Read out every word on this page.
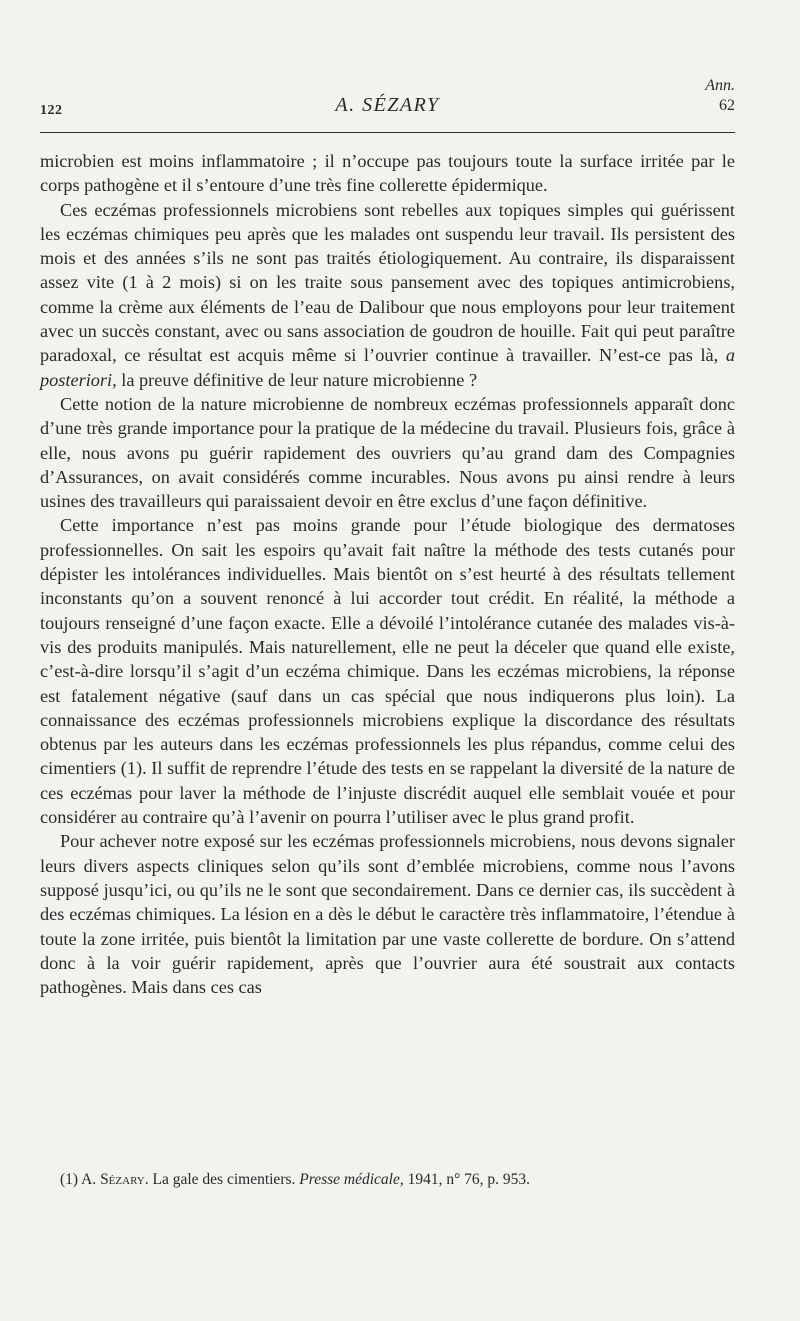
122	A. SÉZARY
Ann.
62

microbien est moins inflammatoire ; il n’occupe pas toujours toute la surface irritée par le corps pathogène et il s’entoure d’une très fine collerette épidermique.

Ces eczémas professionnels microbiens sont rebelles aux topiques simples qui guérissent les eczémas chimiques peu après que les malades ont suspendu leur travail. Ils persistent des mois et des années s’ils ne sont pas traités étiologiquement. Au contraire, ils disparaissent assez vite (1 à 2 mois) si on les traite sous pansement avec des topiques antimicrobiens, comme la crème aux éléments de l’eau de Dalibour que nous employons pour leur traitement avec un succès constant, avec ou sans association de goudron de houille. Fait qui peut paraître paradoxal, ce résultat est acquis même si l’ouvrier continue à travailler. N’est-ce pas là, a posteriori, la preuve définitive de leur nature microbienne ?

Cette notion de la nature microbienne de nombreux eczémas professionnels apparaît donc d’une très grande importance pour la pratique de la médecine du travail. Plusieurs fois, grâce à elle, nous avons pu guérir rapidement des ouvriers qu’au grand dam des Compagnies d’Assurances, on avait considérés comme incurables. Nous avons pu ainsi rendre à leurs usines des travailleurs qui paraissaient devoir en être exclus d’une façon définitive.

Cette importance n’est pas moins grande pour l’étude biologique des dermatoses professionnelles. On sait les espoirs qu’avait fait naître la méthode des tests cutanés pour dépister les intolérances individuelles. Mais bientôt on s’est heurté à des résultats tellement inconstants qu’on a souvent renoncé à lui accorder tout crédit. En réalité, la méthode a toujours renseigné d’une façon exacte. Elle a dévoilé l’intolérance cutanée des malades vis-à-vis des produits manipulés. Mais naturellement, elle ne peut la déceler que quand elle existe, c’est-à-dire lorsqu’il s’agit d’un eczéma chimique. Dans les eczémas microbiens, la réponse est fatalement négative (sauf dans un cas spécial que nous indiquerons plus loin). La connaissance des eczémas professionnels microbiens explique la discordance des résultats obtenus par les auteurs dans les eczémas professionnels les plus répandus, comme celui des cimentiers (1). Il suffit de reprendre l’étude des tests en se rappelant la diversité de la nature de ces eczémas pour laver la méthode de l’injuste discrédit auquel elle semblait vouée et pour considérer au contraire qu’à l’avenir on pourra l’utiliser avec le plus grand profit.

Pour achever notre exposé sur les eczémas professionnels microbiens, nous devons signaler leurs divers aspects cliniques selon qu’ils sont d’emblée microbiens, comme nous l’avons supposé jusqu’ici, ou qu’ils ne le sont que secondairement. Dans ce dernier cas, ils succèdent à des eczémas chimiques. La lésion en a dès le début le caractère très inflammatoire, l’étendue à toute la zone irritée, puis bientôt la limitation par une vaste collerette de bordure. On s’attend donc à la voir guérir rapidement, après que l’ouvrier aura été soustrait aux contacts pathogènes. Mais dans ces cas

(1) A. Sézary. La gale des cimentiers. Presse médicale, 1941, n° 76, p. 953.
